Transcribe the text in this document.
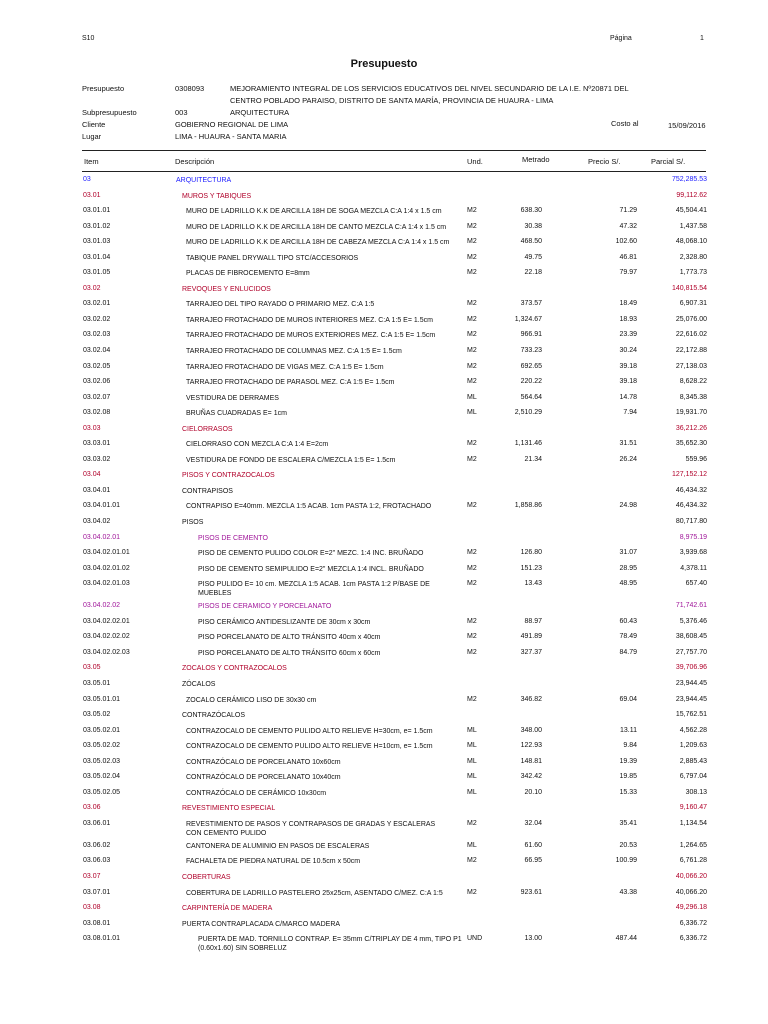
S10	Página	1
Presupuesto
Presupuesto	0308093	MEJORAMIENTO INTEGRAL DE LOS SERVICIOS EDUCATIVOS DEL NIVEL SECUNDARIO DE LA I.E. Nº20871 DEL
CENTRO POBLADO PARAISO, DISTRITO DE SANTA MARÍA, PROVINCIA DE HUAURA - LIMA
Subpresupuesto	003	ARQUITECTURA
Cliente	GOBIERNO REGIONAL DE LIMA	Costo al	15/09/2016
Lugar	LIMA - HUAURA - SANTA MARIA
Item	Descripción	Und.	Metrado	Precio S/.	Parcial S/.
03	ARQUITECTURA	752,285.53
03.01	MUROS Y TABIQUES	99,112.62
03.01.01	MURO DE LADRILLO K.K DE ARCILLA 18H DE SOGA MEZCLA C:A 1:4 x 1.5 cm	M2	638.30	71.29	45,504.41
03.01.02	MURO DE LADRILLO K.K DE ARCILLA 18H DE CANTO MEZCLA C:A 1:4 x 1.5 cm	M2	30.38	47.32	1,437.58
03.01.03	MURO DE LADRILLO K.K DE ARCILLA 18H DE CABEZA MEZCLA C:A 1:4 x 1.5 cm	M2	468.50	102.60	48,068.10
03.01.04	TABIQUE PANEL DRYWALL TIPO STC/ACCESORIOS	M2	49.75	46.81	2,328.80
03.01.05	PLACAS DE FIBROCEMENTO E=8mm	M2	22.18	79.97	1,773.73
03.02	REVOQUES Y ENLUCIDOS	140,815.54
03.02.01	TARRAJEO DEL TIPO RAYADO O PRIMARIO MEZ. C:A 1:5	M2	373.57	18.49	6,907.31
03.02.02	TARRAJEO FROTACHADO DE MUROS INTERIORES MEZ. C:A 1:5 E= 1.5cm	M2	1,324.67	18.93	25,076.00
03.02.03	TARRAJEO FROTACHADO DE MUROS EXTERIORES MEZ. C:A 1:5 E= 1.5cm	M2	966.91	23.39	22,616.02
03.02.04	TARRAJEO FROTACHADO DE COLUMNAS MEZ. C:A 1:5 E= 1.5cm	M2	733.23	30.24	22,172.88
03.02.05	TARRAJEO FROTACHADO DE VIGAS MEZ. C:A 1:5 E= 1.5cm	M2	692.65	39.18	27,138.03
03.02.06	TARRAJEO FROTACHADO DE PARASOL MEZ. C:A 1:5 E= 1.5cm	M2	220.22	39.18	8,628.22
03.02.07	VESTIDURA DE DERRAMES	ML	564.64	14.78	8,345.38
03.02.08	BRUÑAS CUADRADAS E= 1cm	ML	2,510.29	7.94	19,931.70
03.03	CIELORRASOS	36,212.26
03.03.01	CIELORRASO CON MEZCLA C:A 1:4 E=2cm	M2	1,131.46	31.51	35,652.30
03.03.02	VESTIDURA DE FONDO DE ESCALERA C/MEZCLA 1:5 E= 1.5cm	M2	21.34	26.24	559.96
03.04	PISOS Y CONTRAZOCALOS	127,152.12
03.04.01	CONTRAPISOS	46,434.32
03.04.01.01	CONTRAPISO E=40mm. MEZCLA 1:5 ACAB. 1cm PASTA 1:2, FROTACHADO	M2	1,858.86	24.98	46,434.32
03.04.02	PISOS	80,717.80
03.04.02.01	PISOS DE CEMENTO	8,975.19
03.04.02.01.01	PISO DE CEMENTO PULIDO COLOR E=2" MEZC. 1:4 INC. BRUÑADO	M2	126.80	31.07	3,939.68
03.04.02.01.02	PISO DE CEMENTO SEMIPULIDO E=2" MEZCLA 1:4 INCL. BRUÑADO	M2	151.23	28.95	4,378.11
03.04.02.01.03	PISO PULIDO E= 10 cm. MEZCLA 1:5 ACAB. 1cm PASTA 1:2 P/BASE DE MUEBLES
M2	13.43	48.95	657.40
03.04.02.02	PISOS DE CERAMICO Y PORCELANATO	71,742.61
03.04.02.02.01	PISO CERÁMICO ANTIDESLIZANTE DE 30cm x 30cm	M2	88.97	60.43	5,376.46
03.04.02.02.02	PISO PORCELANATO DE ALTO TRÁNSITO 40cm x 40cm	M2	491.89	78.49	38,608.45
03.04.02.02.03	PISO PORCELANATO DE ALTO TRÁNSITO 60cm x 60cm	M2	327.37	84.79	27,757.70
03.05	ZOCALOS Y CONTRAZOCALOS	39,706.96
03.05.01	ZÓCALOS	23,944.45
03.05.01.01	ZOCALO CERÁMICO LISO DE 30x30 cm	M2	346.82	69.04	23,944.45
03.05.02	CONTRAZÓCALOS	15,762.51
03.05.02.01	CONTRAZOCALO DE CEMENTO PULIDO ALTO RELIEVE H=30cm, e= 1.5cm	ML	348.00	13.11	4,562.28
03.05.02.02	CONTRAZOCALO DE CEMENTO PULIDO ALTO RELIEVE H=10cm, e= 1.5cm	ML	122.93	9.84	1,209.63
03.05.02.03	CONTRAZÓCALO DE PORCELANATO 10x60cm	ML	148.81	19.39	2,885.43
03.05.02.04	CONTRAZÓCALO DE PORCELANATO 10x40cm	ML	342.42	19.85	6,797.04
03.05.02.05	CONTRAZÓCALO DE CERÁMICO 10x30cm	ML	20.10	15.33	308.13
03.06	REVESTIMIENTO ESPECIAL	9,160.47
03.06.01	REVESTIMIENTO DE PASOS Y CONTRAPASOS DE GRADAS Y ESCALERAS CON CEMENTO PULIDO
M2	32.04	35.41	1,134.54
03.06.02	CANTONERA DE ALUMINIO EN PASOS DE ESCALERAS	ML	61.60	20.53	1,264.65
03.06.03	FACHALETA DE PIEDRA NATURAL DE 10.5cm x 50cm	M2	66.95	100.99	6,761.28
03.07	COBERTURAS	40,066.20
03.07.01	COBERTURA DE LADRILLO PASTELERO 25x25cm, ASENTADO C/MEZ. C:A 1:5	M2	923.61	43.38	40,066.20
03.08	CARPINTERÍA DE MADERA	49,296.18
03.08.01	PUERTA CONTRAPLACADA C/MARCO MADERA	6,336.72
03.08.01.01	PUERTA DE MAD. TORNILLO CONTRAP. E= 35mm C/TRIPLAY DE 4 mm, TIPO P1 (0.60x1.60) SIN SOBRELUZ
UND	13.00	487.44	6,336.72
